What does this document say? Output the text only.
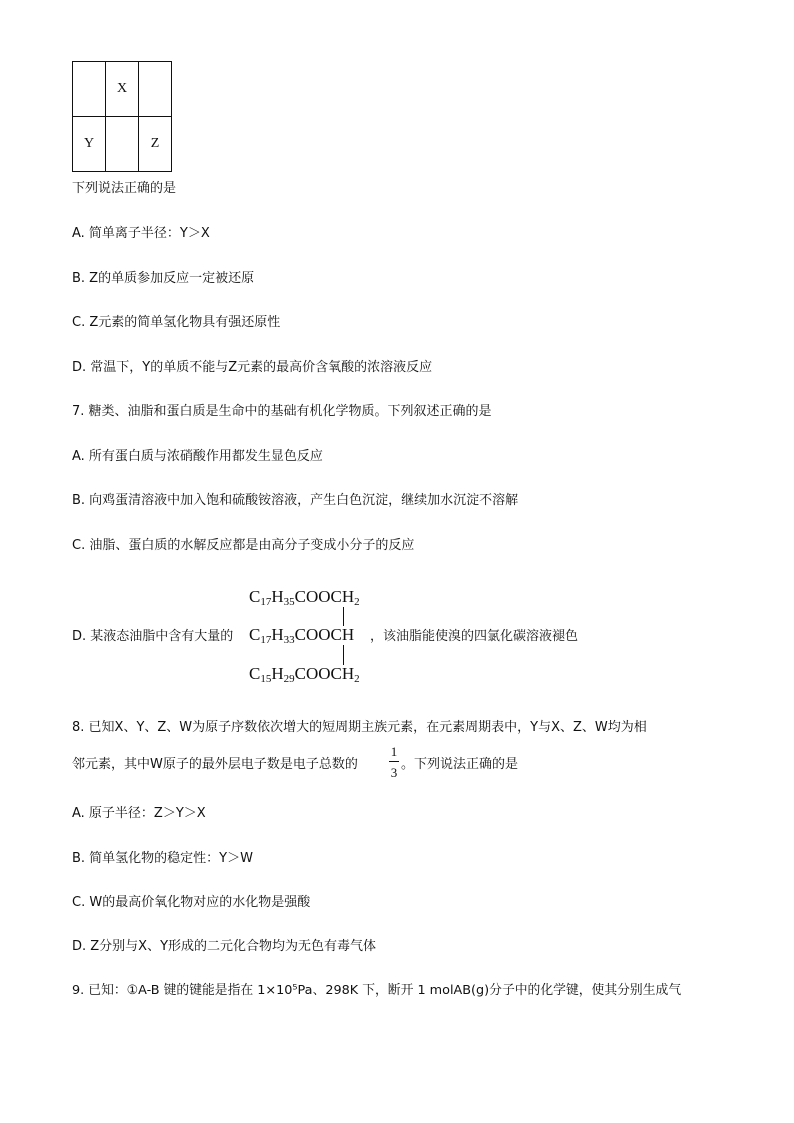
	X	
Y		Z
下列说法正确的是
A. 简单离子半径：Y＞X
B. Z的单质参加反应一定被还原
C. Z元素的简单氢化物具有强还原性
D. 常温下，Y的单质不能与Z元素的最高价含氧酸的浓溶液反应
7. 糖类、油脂和蛋白质是生命中的基础有机化学物质。下列叙述正确的是
A. 所有蛋白质与浓硝酸作用都发生显色反应
B. 向鸡蛋清溶液中加入饱和硫酸铵溶液，产生白色沉淀，继续加水沉淀不溶解
C. 油脂、蛋白质的水解反应都是由高分子变成小分子的反应
D. 某液态油脂中含有大量的
$C_{17}H_{35}COOCH_2$
$C_{17}H_{33}COOCH$
$C_{15}H_{29}COOCH_2$
，该油脂能使溴的四氯化碳溶液褪色
8. 已知X、Y、Z、W为原子序数依次增大的短周期主族元素，在元素周期表中，Y与X、Z、W均为相
邻元素，其中W原子的最外层电子数是电子总数的
1
3
。下列说法正确的是
A. 原子半径：Z＞Y＞X
B. 简单氢化物的稳定性：Y＞W
C. W的最高价氧化物对应的水化物是强酸
D. Z分别与X、Y形成的二元化合物均为无色有毒气体
9. 已知：①A-B 键的键能是指在 1×10⁵Pa、298K 下，断开 1 molAB(g)分子中的化学键，使其分别生成气
